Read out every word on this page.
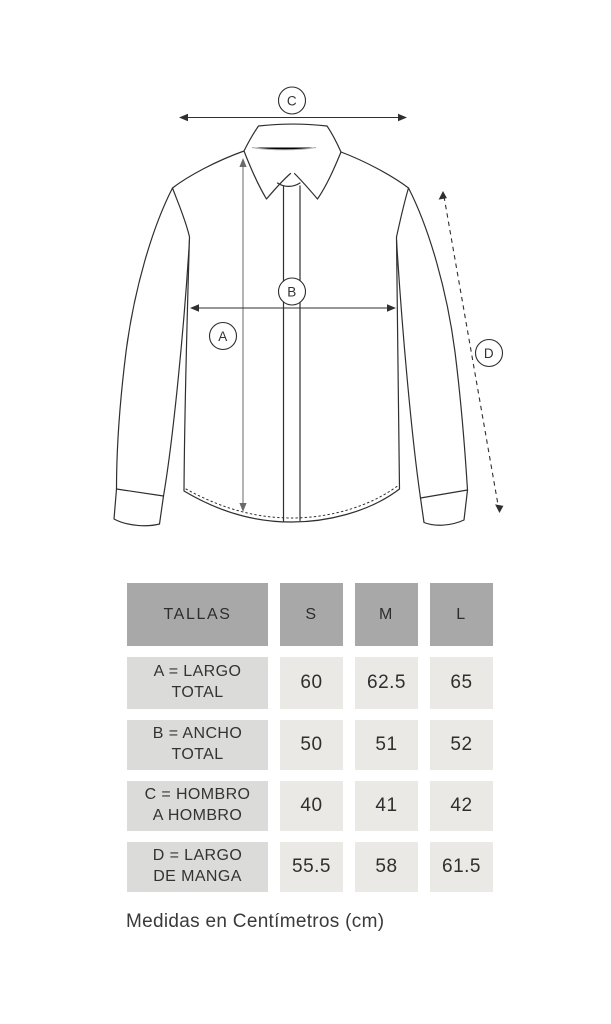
C
A
B
D
TALLAS	S	M	L
A = LARGO TOTAL	60	62.5	65
B = ANCHO TOTAL	50	51	52
C = HOMBRO A HOMBRO	40	41	42
D = LARGO DE MANGA	55.5	58	61.5

Medidas en Centímetros (cm)
